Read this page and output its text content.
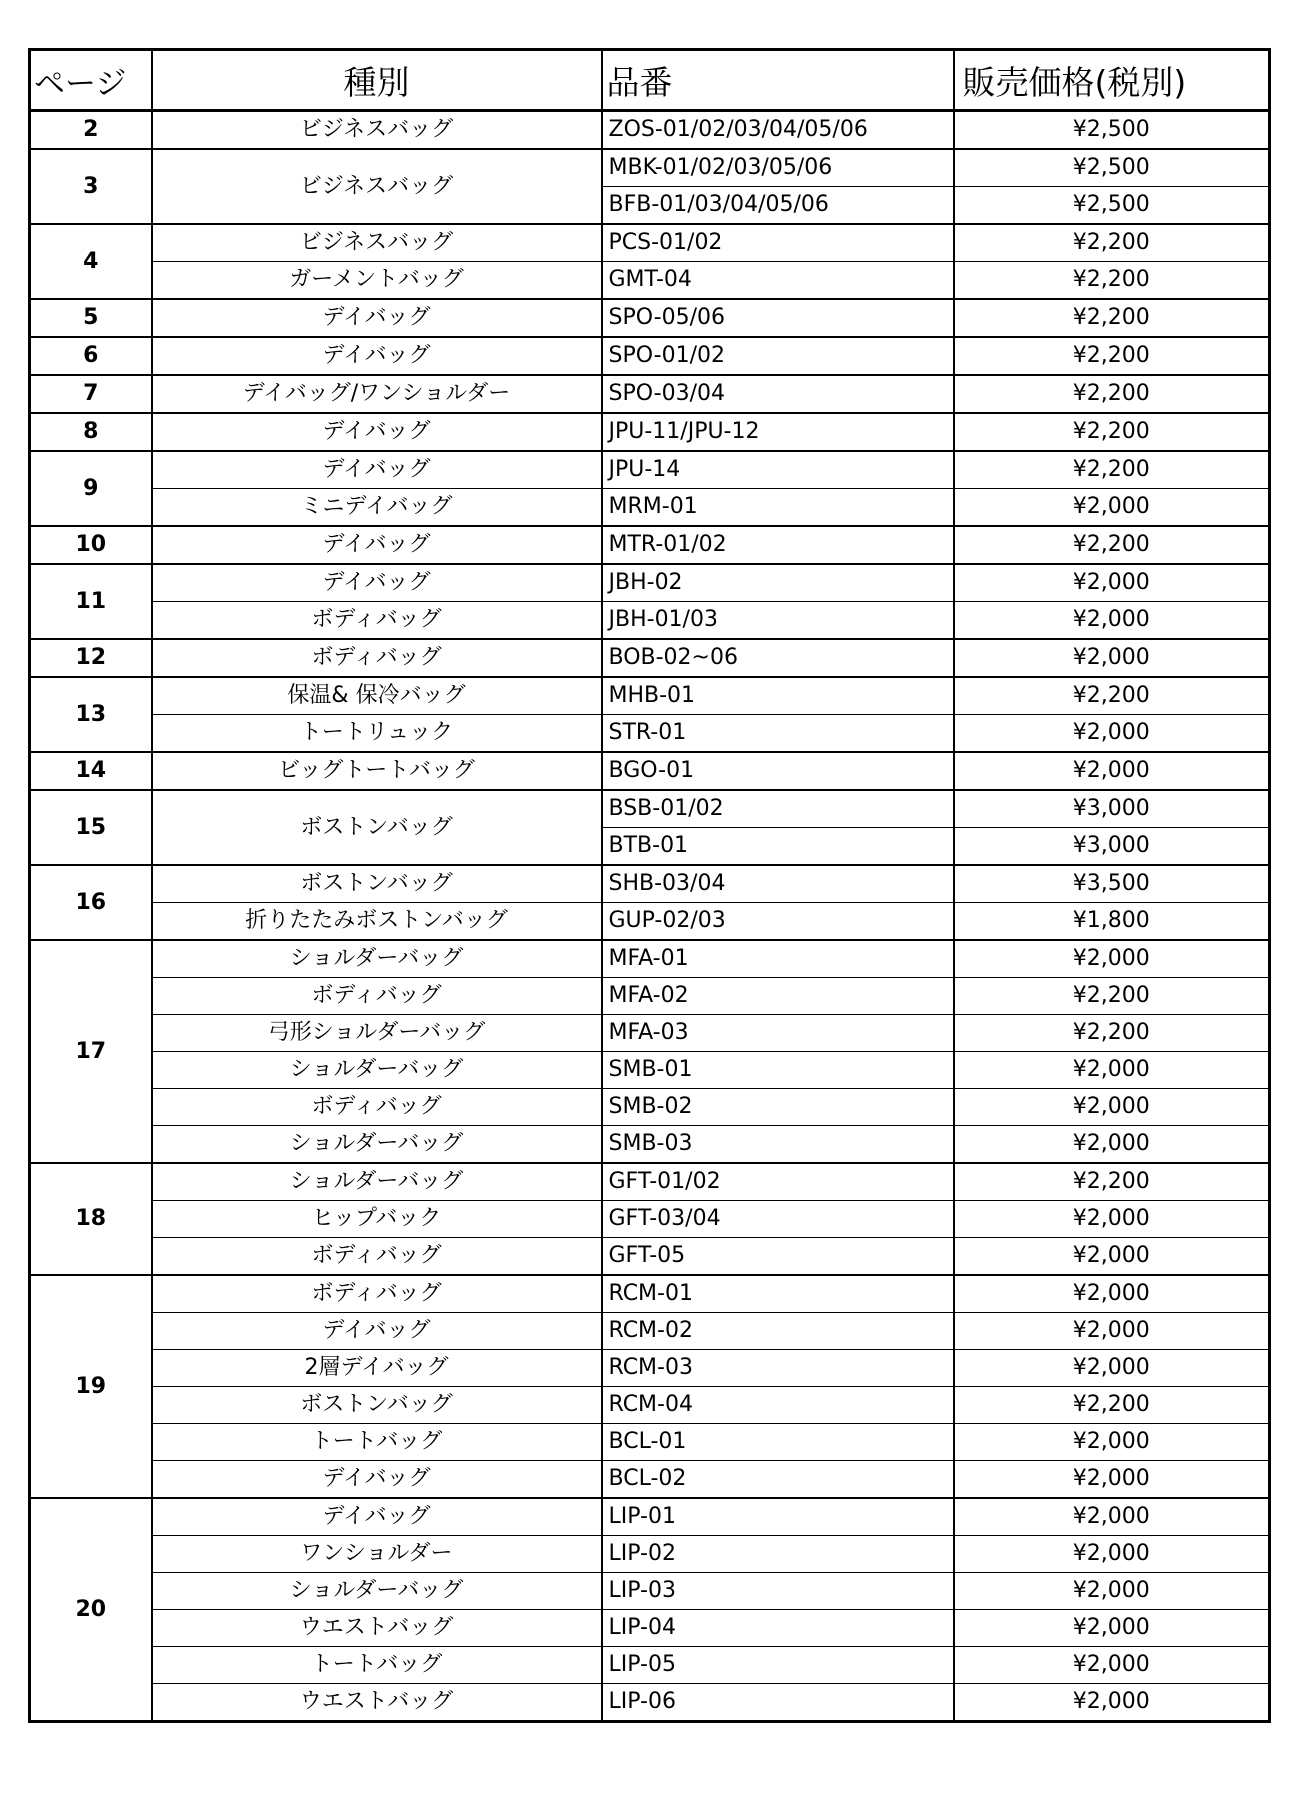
ページ	種別	品番	販売価格(税別)
2	ビジネスバッグ	ZOS-01/02/03/04/05/06	¥2,500
3	ビジネスバッグ	MBK-01/02/03/05/06	¥2,500
		BFB-01/03/04/05/06	¥2,500
4	ビジネスバッグ	PCS-01/02	¥2,200
	ガーメントバッグ	GMT-04	¥2,200
5	デイバッグ	SPO-05/06	¥2,200
6	デイバッグ	SPO-01/02	¥2,200
7	デイバッグ/ワンショルダー	SPO-03/04	¥2,200
8	デイバッグ	JPU-11/JPU-12	¥2,200
9	デイバッグ	JPU-14	¥2,200
	ミニデイバッグ	MRM-01	¥2,000
10	デイバッグ	MTR-01/02	¥2,200
11	デイバッグ	JBH-02	¥2,000
	ボディバッグ	JBH-01/03	¥2,000
12	ボディバッグ	BOB-02~06	¥2,000
13	保温& 保冷バッグ	MHB-01	¥2,200
	トートリュック	STR-01	¥2,000
14	ビッグトートバッグ	BGO-01	¥2,000
15	ボストンバッグ	BSB-01/02	¥3,000
		BTB-01	¥3,000
16	ボストンバッグ	SHB-03/04	¥3,500
	折りたたみボストンバッグ	GUP-02/03	¥1,800
17	ショルダーバッグ	MFA-01	¥2,000
	ボディバッグ	MFA-02	¥2,200
	弓形ショルダーバッグ	MFA-03	¥2,200
	ショルダーバッグ	SMB-01	¥2,000
	ボディバッグ	SMB-02	¥2,000
	ショルダーバッグ	SMB-03	¥2,000
18	ショルダーバッグ	GFT-01/02	¥2,200
	ヒップバック	GFT-03/04	¥2,000
	ボディバッグ	GFT-05	¥2,000
19	ボディバッグ	RCM-01	¥2,000
	デイバッグ	RCM-02	¥2,000
	2層デイバッグ	RCM-03	¥2,000
	ボストンバッグ	RCM-04	¥2,200
	トートバッグ	BCL-01	¥2,000
	デイバッグ	BCL-02	¥2,000
20	デイバッグ	LIP-01	¥2,000
	ワンショルダー	LIP-02	¥2,000
	ショルダーバッグ	LIP-03	¥2,000
	ウエストバッグ	LIP-04	¥2,000
	トートバッグ	LIP-05	¥2,000
	ウエストバッグ	LIP-06	¥2,000
